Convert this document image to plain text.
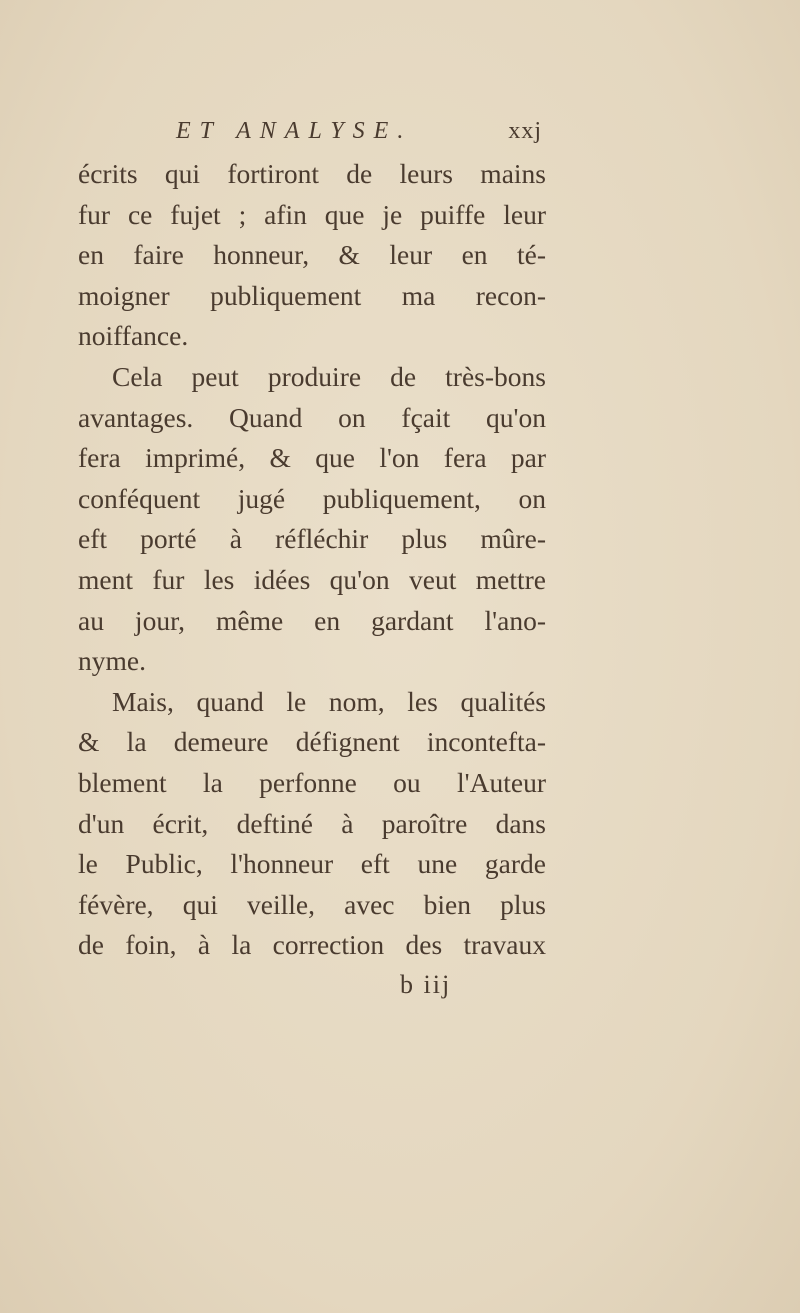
ET ANALYSE.	xxj
écrits qui fortiront de leurs mains
fur ce fujet ; afin que je puiffe leur
en faire honneur, & leur en té-
moigner publiquement ma recon-
noiffance.
Cela peut produire de très-bons
avantages. Quand on fçait qu'on
fera imprimé, & que l'on fera par
conféquent jugé publiquement, on
eft porté à réfléchir plus mûre-
ment fur les idées qu'on veut mettre
au jour, même en gardant l'ano-
nyme.
Mais, quand le nom, les qualités
& la demeure défignent inconteftа-
blement la perfonne ou l'Auteur
d'un écrit, deftiné à paroître dans
le Public, l'honneur eft une garde
févère, qui veille, avec bien plus
de foin, à la correction des travaux
b iij
